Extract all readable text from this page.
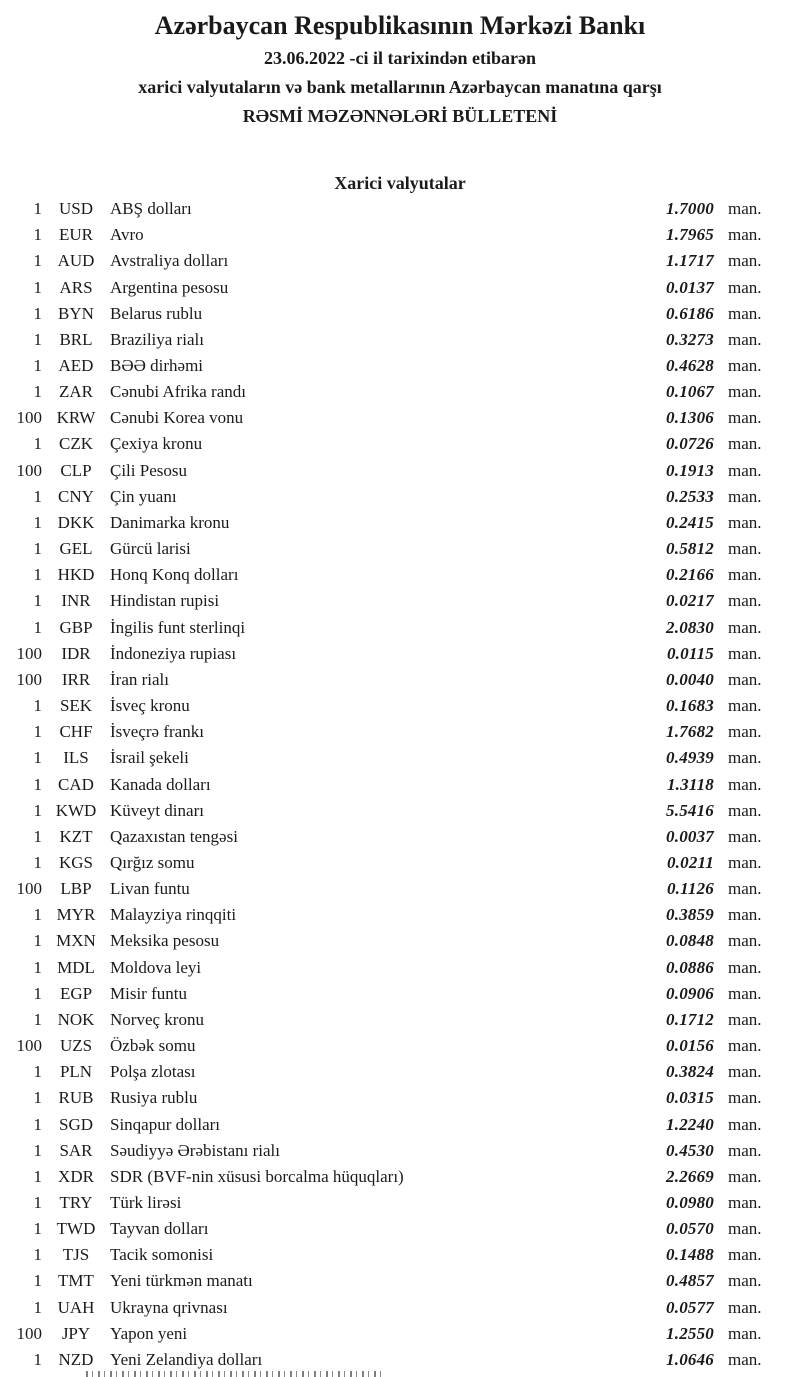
Azərbaycan Respublikasının Mərkəzi Bankı
23.06.2022 -ci il tarixindən etibarən
xarici valyutaların və bank metallarının Azərbaycan manatına qarşı
RƏSMİ MƏZƏNNƏLƏRİ BÜLLETENİ
Xarici valyutalar
1 USD	ABŞ dolları	1.7000 man.
1	EUR	Avro	1.7965 man.
1 AUD Avstraliya dolları	1.1717 man.
1	ARS	Argentina pesosu	0.0137 man.
1 BYN Belarus rublu	0.6186 man.
1	BRL	Braziliya rialı	0.3273 man.
1 AED BƏƏ dirhəmi	0.4628 man.
1	ZAR	Cənubi Afrika randı	0.1067 man.
100 KRW Cənubi Korea vonu	0.1306 man.
1	CZK	Çexiya kronu	0.0726 man.
100	CLP	Çili Pesosu	0.1913 man.
1 CNY Çin yuanı	0.2533 man.
1 DKK Danimarka kronu	0.2415 man.
1	GEL	Gürcü larisi	0.5812 man.
1 HKD Honq Konq dolları	0.2166 man.
1	INR	Hindistan rupisi	0.0217 man.
1	GBP	İngilis funt sterlinqi	2.0830 man.
100	IDR	İndoneziya rupiası	0.0115 man.
100	IRR	İran rialı	0.0040 man.
1	SEK	İsveç kronu	0.1683 man.
1	CHF	İsveçrə frankı	1.7682 man.
1	ILS	İsrail şekeli	0.4939 man.
1 CAD Kanada dolları	1.3118 man.
1 KWD Küveyt dinarı	5.5416 man.
1	KZT	Qazaxıstan tengəsi	0.0037 man.
1 KGS	Qırğız somu	0.0211 man.
100	LBP	Livan funtu	0.1126 man.
1 MYR Malayziya rinqqiti	0.3859 man.
1 MXN Meksika pesosu	0.0848 man.
1 MDL Moldova leyi	0.0886 man.
1	EGP	Misir funtu	0.0906 man.
1 NOK Norveç kronu	0.1712 man.
100	UZS	Özbək somu	0.0156 man.
1	PLN	Polşa zlotası	0.3824 man.
1 RUB Rusiya rublu	0.0315 man.
1 SGD	Sinqapur dolları	1.2240 man.
1	SAR	Səudiyyə Ərəbistanı rialı	0.4530 man.
1 XDR SDR (BVF-nin xüsusi borcalma hüquqları)	2.2669 man.
1	TRY	Türk lirəsi	0.0980 man.
1 TWD Tayvan dolları	0.0570 man.
1	TJS	Tacik somonisi	0.1488 man.
1 TMT Yeni türkmən manatı	0.4857 man.
1 UAH Ukrayna qrivnası	0.0577 man.
100	JPY	Yapon yeni	1.2550 man.
1 NZD Yeni Zelandiya dolları	1.0646 man.
